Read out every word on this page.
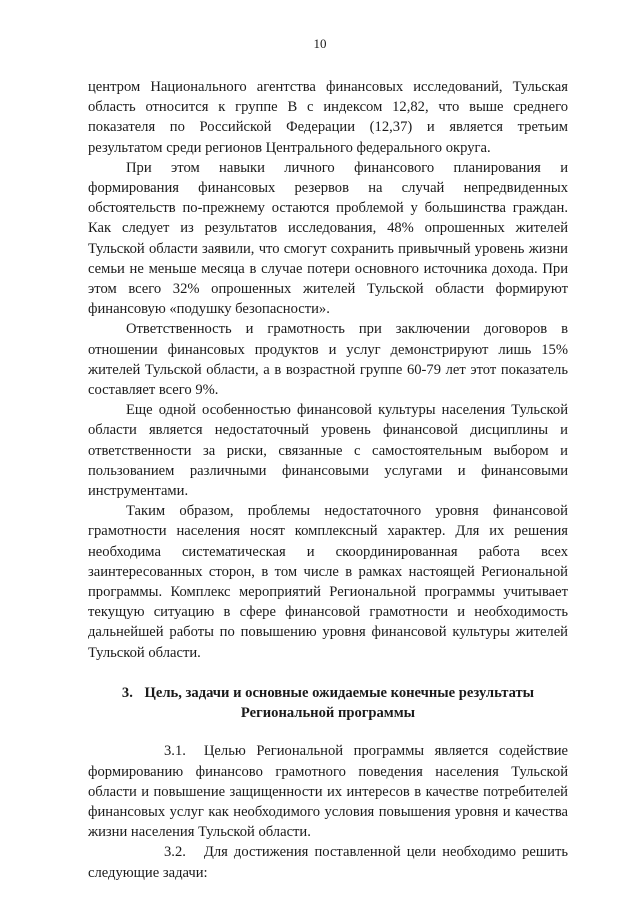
10

центром Национального агентства финансовых исследований, Тульская область относится к группе В с индексом 12,82, что выше среднего показателя по Российской Федерации (12,37) и является третьим результатом среди регионов Центрального федерального округа.

При этом навыки личного финансового планирования и формирования финансовых резервов на случай непредвиденных обстоятельств по-прежнему остаются проблемой у большинства граждан. Как следует из результатов исследования, 48% опрошенных жителей Тульской области заявили, что смогут сохранить привычный уровень жизни семьи не меньше месяца в случае потери основного источника дохода. При этом всего 32% опрошенных жителей Тульской области формируют финансовую «подушку безопасности».

Ответственность и грамотность при заключении договоров в отношении финансовых продуктов и услуг демонстрируют лишь 15% жителей Тульской области, а в возрастной группе 60-79 лет этот показатель составляет всего 9%.

Еще одной особенностью финансовой культуры населения Тульской области является недостаточный уровень финансовой дисциплины и ответственности за риски, связанные с самостоятельным выбором и пользованием различными финансовыми услугами и финансовыми инструментами.

Таким образом, проблемы недостаточного уровня финансовой грамотности населения носят комплексный характер. Для их решения необходима систематическая и скоординированная работа всех заинтересованных сторон, в том числе в рамках настоящей Региональной программы. Комплекс мероприятий Региональной программы учитывает текущую ситуацию в сфере финансовой грамотности и необходимость дальнейшей работы по повышению уровня финансовой культуры жителей Тульской области.

3. Цель, задачи и основные ожидаемые конечные результаты
Региональной программы

3.1. Целью Региональной программы является содействие формированию финансово грамотного поведения населения Тульской области и повышение защищенности их интересов в качестве потребителей финансовых услуг как необходимого условия повышения уровня и качества жизни населения Тульской области.

3.2. Для достижения поставленной цели необходимо решить следующие задачи:
